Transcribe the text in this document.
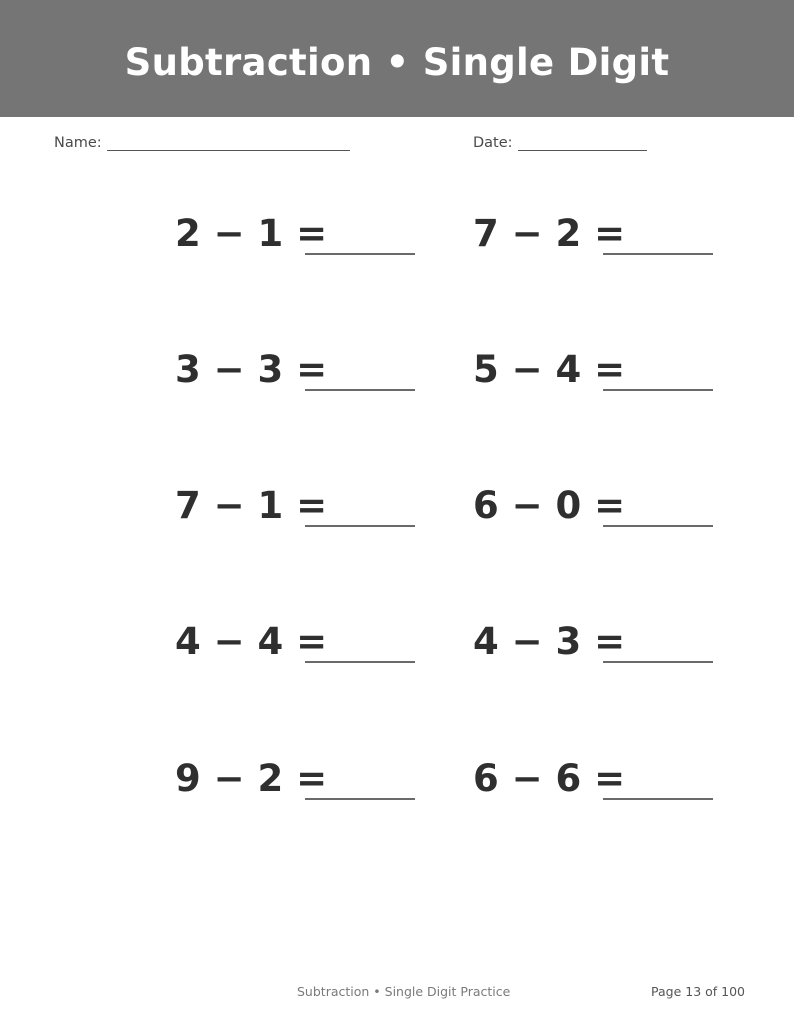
Subtraction • Single Digit
Name:	Date:
2 − 1 =	7 − 2 =
3 − 3 =	5 − 4 =
7 − 1 =	6 − 0 =
4 − 4 =	4 − 3 =
9 − 2 =	6 − 6 =
Subtraction • Single Digit Practice	Page 13 of 100
